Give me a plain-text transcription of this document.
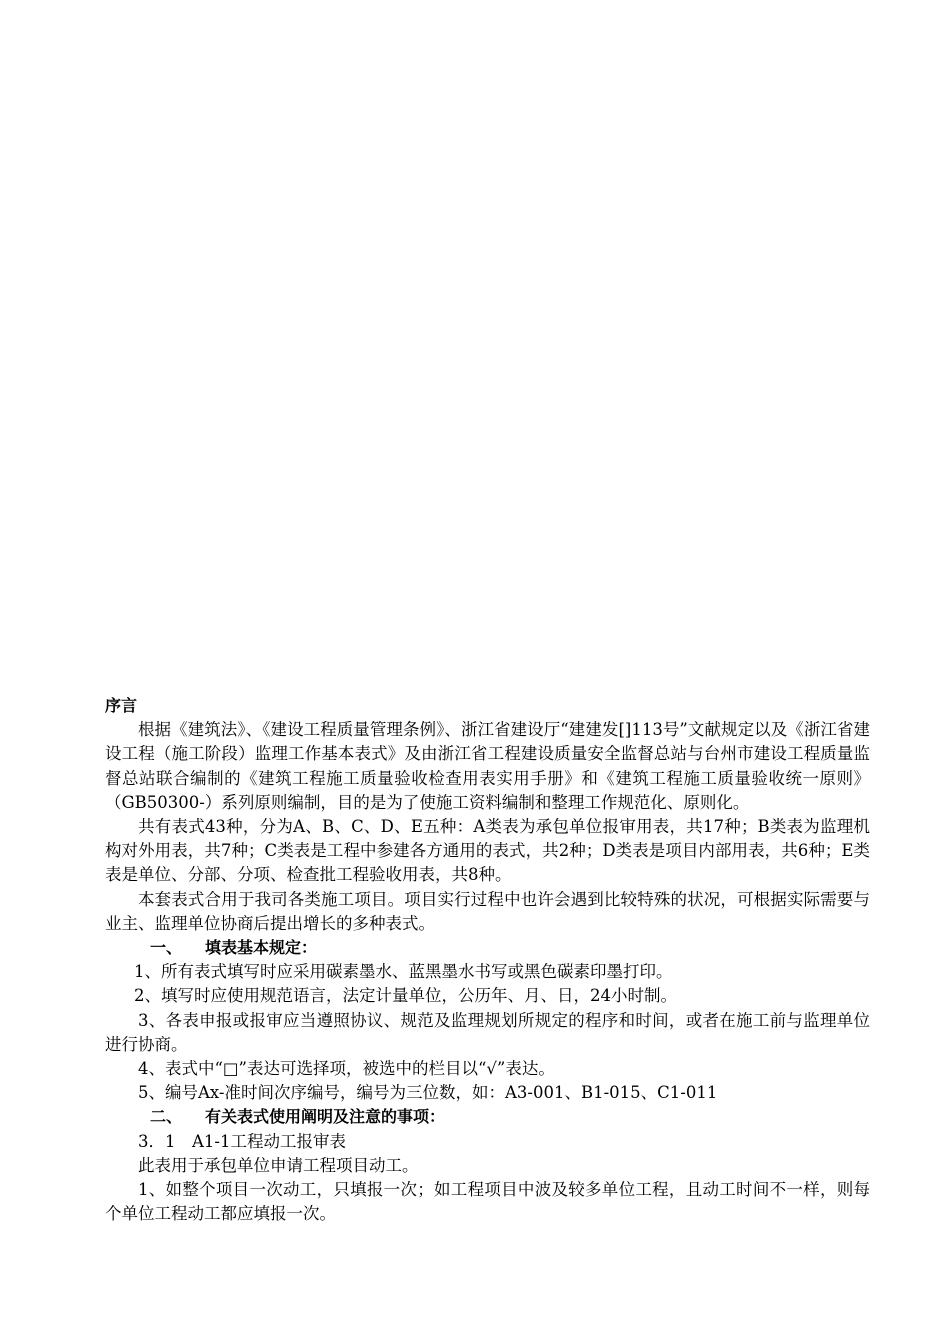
序言

根据《建筑法》、《建设工程质量管理条例》、浙江省建设厅“建建发[]113号”文献规定以及《浙江省建设工程（施工阶段）监理工作基本表式》及由浙江省工程建设质量安全监督总站与台州市建设工程质量监督总站联合编制的《建筑工程施工质量验收检查用表实用手册》和《建筑工程施工质量验收统一原则》（GB50300-）系列原则编制，目的是为了使施工资料编制和整理工作规范化、原则化。

共有表式43种，分为A、B、C、D、E五种：A类表为承包单位报审用表，共17种；B类表为监理机构对外用表，共7种；C类表是工程中参建各方通用的表式，共2种；D类表是项目内部用表，共6种；E类表是单位、分部、分项、检查批工程验收用表，共8种。

本套表式合用于我司各类施工项目。项目实行过程中也许会遇到比较特殊的状况，可根据实际需要与业主、监理单位协商后提出增长的多种表式。

一、 填表基本规定：
1、所有表式填写时应采用碳素墨水、蓝黑墨水书写或黑色碳素印墨打印。
2、填写时应使用规范语言，法定计量单位，公历年、月、日，24小时制。

3、各表申报或报审应当遵照协议、规范及监理规划所规定的程序和时间，或者在施工前与监理单位进行协商。

4、表式中“□”表达可选择项，被选中的栏目以“√”表达。

5、编号Ax-准时间次序编号，编号为三位数，如：A3-001、B1-015、C1-011

二、 有关表式使用阐明及注意的事项：

3．1　A1-1工程动工报审表

此表用于承包单位申请工程项目动工。

1、如整个项目一次动工，只填报一次；如工程项目中波及较多单位工程，且动工时间不一样，则每个单位工程动工都应填报一次。
